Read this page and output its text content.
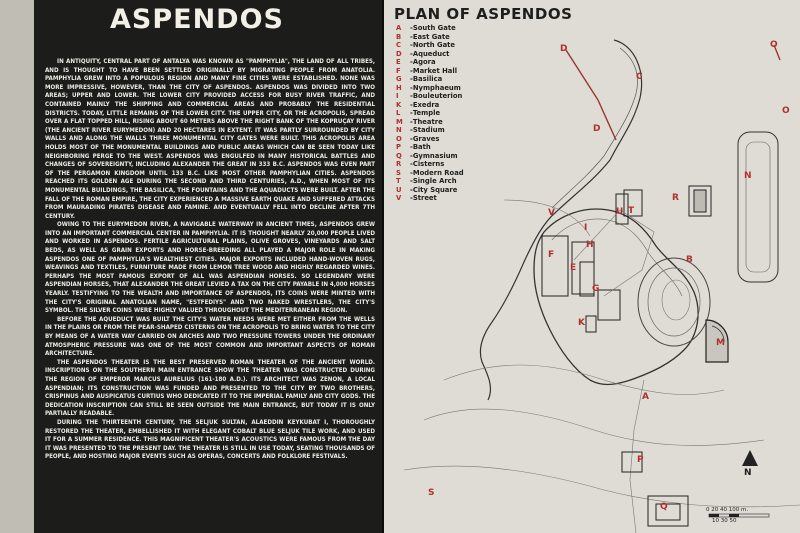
ASPENDOS

IN ANTIQUITY, CENTRAL PART OF ANTALYA WAS KNOWN AS "PAMPHYLIA", THE LAND OF ALL TRIBES, AND IS THOUGHT TO HAVE BEEN SETTLED ORIGINALLY BY MIGRATING PEOPLE FROM ANATOLIA. PAMPHYLIA GREW INTO A POPULOUS REGION AND MANY FINE CITIES WERE ESTABLISHED. NONE WAS MORE IMPRESSIVE, HOWEVER, THAN THE CITY OF ASPENDOS. ASPENDOS WAS DIVIDED INTO TWO AREAS; UPPER AND LOWER. THE LOWER CITY PROVIDED ACCESS FOR BUSY RIVER TRAFFIC, AND CONTAINED MAINLY THE SHIPPING AND COMMERCIAL AREAS AND PROBABLY THE RESIDENTIAL DISTRICTS. TODAY, LITTLE REMAINS OF THE LOWER CITY. THE UPPER CITY, OR THE ACROPOLIS, SPREAD OVER A FLAT TOPPED HILL, RISING ABOUT 60 METERS ABOVE THE RIGHT BANK OF THE KOPRUÇAY RIVER (THE ANCIENT RIVER EURYMEDON) AND 20 HECTARES IN EXTENT. IT WAS PARTLY SURROUNDED BY CITY WALLS AND ALONG THE WALLS THREE MONUMENTAL CITY GATES WERE BUILT. THIS ACROPOLIS AREA HOLDS MOST OF THE MONUMENTAL BUILDINGS AND PUBLIC AREAS WHICH CAN BE SEEN TODAY LIKE NEIGHBORING PERGE TO THE WEST. ASPENDOS WAS ENGULFED IN MANY HISTORICAL BATTLES AND CHANGES OF SOVEREIGNTY, INCLUDING ALEXANDER THE GREAT IN 333 B.C. ASPENDOS WAS EVEN PART OF THE PERGAMON KINGDOM UNTIL 133 B.C. LIKE MOST OTHER PAMPHYLIAN CITIES. ASPENDOS REACHED ITS GOLDEN AGE DURING THE SECOND AND THIRD CENTURIES, A.D., WHEN MOST OF ITS MONUMENTAL BUILDINGS, THE BASILICA, THE FOUNTAINS AND THE AQUADUCTS WERE BUILT. AFTER THE FALL OF THE ROMAN EMPIRE, THE CITY EXPERIENCED A MASSIVE EARTH QUAKE AND SUFFERED ATTACKS FROM MAURADING PIRATES DISEASE AND FAMINE. AND EVENTUALLY FELL INTO DECLINE AFTER 7TH CENTURY.

OWING TO THE EURYMEDON RIVER, A NAVIGABLE WATERWAY IN ANCIENT TIMES, ASPENDOS GREW INTO AN IMPORTANT COMMERCIAL CENTER IN PAMPHYLIA. IT IS THOUGHT NEARLY 20,000 PEOPLE LIVED AND WORKED IN ASPENDOS. FERTILE AGRICULTURAL PLAINS, OLIVE GROVES, VINEYARDS AND SALT BEDS, AS WELL AS GRAIN EXPORTS AND HORSE-BREEDING ALL PLAYED A MAJOR ROLE IN MAKING ASPENDOS ONE OF PAMPHYLIA'S WEALTHIEST CITIES. MAJOR EXPORTS INCLUDED HAND-WOVEN RUGS, WEAVINGS AND TEXTILES, FURNITURE MADE FROM LEMON TREE WOOD AND HIGHLY REGARDED WINES. PERHAPS THE MOST FAMOUS EXPORT OF ALL WAS ASPENDIAN HORSES. SO LEGENDARY WERE ASPENDIAN HORSES, THAT ALEXANDER THE GREAT LEVIED A TAX ON THE CITY PAYABLE IN 4,000 HORSES YEARLY. TESTIFYING TO THE WEALTH AND IMPORTANCE OF ASPENDOS, ITS COINS WERE MINTED WITH THE CITY'S ORIGINAL ANATOLIAN NAME, "ESTFEDIYS" AND TWO NAKED WRESTLERS, THE CITY'S SYMBOL. THE SILVER COINS WERE HIGHLY VALUED THROUGHOUT THE MEDITERRANEAN REGION.

BEFORE THE AQUEDUCT WAS BUILT THE CITY'S WATER NEEDS WERE MET EITHER FROM THE WELLS IN THE PLAINS OR FROM THE PEAR-SHAPED CISTERNS ON THE ACROPOLIS TO BRING WATER TO THE CITY BY MEANS OF A WATER WAY CARRIED ON ARCHES AND TWO PRESSURE TOWERS UNDER THE ORDINARY ATMOSPHERIC PRESSURE WAS ONE OF THE MOST COMMON AND IMPORTANT ASPECTS OF ROMAN ARCHITECTURE.

THE ASPENDOS THEATER IS THE BEST PRESERVED ROMAN THEATER OF THE ANCIENT WORLD. INSCRIPTIONS ON THE SOUTHERN MAIN ENTRANCE SHOW THE THEATER WAS CONSTRUCTED DURING THE REGION OF EMPEROR MARCUS AURELIUS (161-180 A.D.). ITS ARCHITECT WAS ZENON, A LOCAL ASPENDIAN; ITS CONSTRUCTION WAS FUNDED AND PRESENTED TO THE CITY BY TWO BROTHERS, CRISPINUS AND AUSPICATUS CURTIUS WHO DEDICATED IT TO THE IMPERIAL FAMILY AND CITY GODS. THE DEDICATION INSCRIPTION CAN STILL BE SEEN OUTSIDE THE MAIN ENTRANCE, BUT TODAY IT IS ONLY PARTIALLY READABLE.

DURING THE THIRTEENTH CENTURY, THE SELJUK SULTAN, ALAEDDIN KEYKUBAT I, THOROUGHLY RESTORED THE THEATER, EMBELLISHED IT WITH ELEGANT COBALT BLUE SELJUK TILE WORK, AND USED IT FOR A SUMMER RESIDENCE. THIS MAGNIFICENT THEATER'S ACOUSTICS WERE FAMOUS FROM THE DAY IT WAS PRESENTED TO THE PRESENT DAY. THE THEATER IS STILL IN USE TODAY, SEATING THOUSANDS OF PEOPLE, AND HOSTING MAJOR EVENTS SUCH AS OPERAS, CONCERTS AND FOLKLORE FESTIVALS.

PLAN OF ASPENDOS
A	- South Gate
B	- East Gate
C	- North Gate
D	- Aqueduct
E	- Agora
F	- Market Hall
G	- Basilica
H	- Nymphaeum
I	- Bouleuterion
K	- Exedra
L	- Temple
M	- Theatre
N	- Stadium
O	- Graves
P	- Bath
Q	- Gymnasium
R	- Cisterns
S	- Modern Road
T	- Single Arch
U	- City Square
V	- Street
D
D
C
O
O
N
R
T
U
V
I
H
F
E
G
K
B
M
A
P
S
Q
N
0 20 40 100 m.
10 30 50
